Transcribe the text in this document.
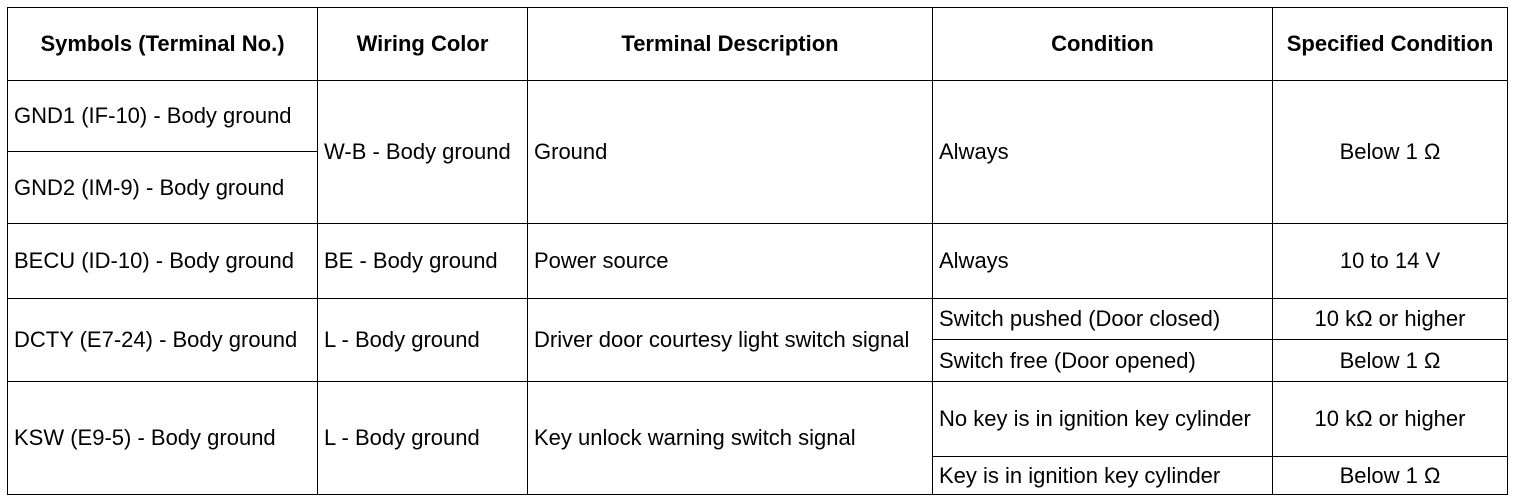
Symbols (Terminal No.)	Wiring Color	Terminal Description	Condition	Specified Condition
GND1 (IF-10) - Body ground	W-B - Body ground	Ground	Always	Below 1 Ω
GND2 (IM-9) - Body ground				
BECU (ID-10) - Body ground	BE - Body ground	Power source	Always	10 to 14 V
DCTY (E7-24) - Body ground	L - Body ground	Driver door courtesy light switch signal	Switch pushed (Door closed)	10 kΩ or higher
			Switch free (Door opened)	Below 1 Ω
KSW (E9-5) - Body ground	L - Body ground	Key unlock warning switch signal	No key is in ignition key cylinder	10 kΩ or higher
			Key is in ignition key cylinder	Below 1 Ω
